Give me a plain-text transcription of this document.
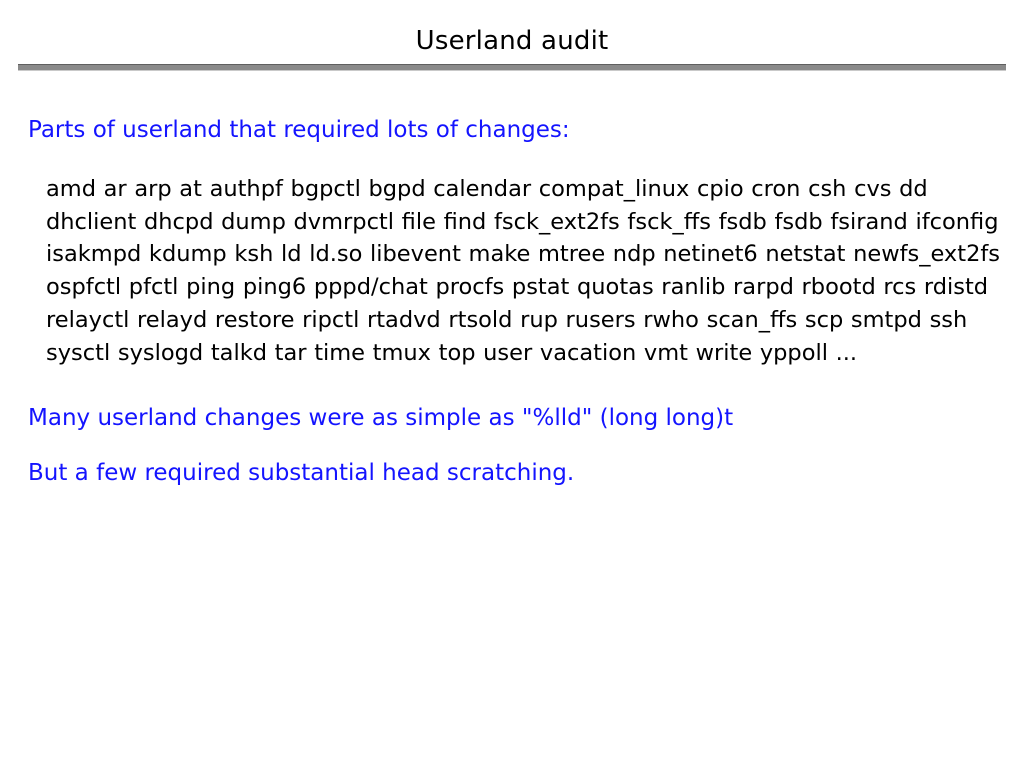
Userland audit

Parts of userland that required lots of changes:

amd ar arp at authpf bgpctl bgpd calendar compat_linux cpio cron csh cvs dd dhclient dhcpd dump dvmrpctl file find fsck_ext2fs fsck_ffs fsdb fsdb fsirand ifconfig isakmpd kdump ksh ld ld.so libevent make mtree ndp netinet6 netstat newfs_ext2fs ospfctl pfctl ping ping6 pppd/chat procfs pstat quotas ranlib rarpd rbootd rcs rdistd relayctl relayd restore ripctl rtadvd rtsold rup rusers rwho scan_ffs scp smtpd ssh sysctl syslogd talkd tar time tmux top user vacation vmt write yppoll ...

Many userland changes were as simple as "%lld" (long long)t

But a few required substantial head scratching.
